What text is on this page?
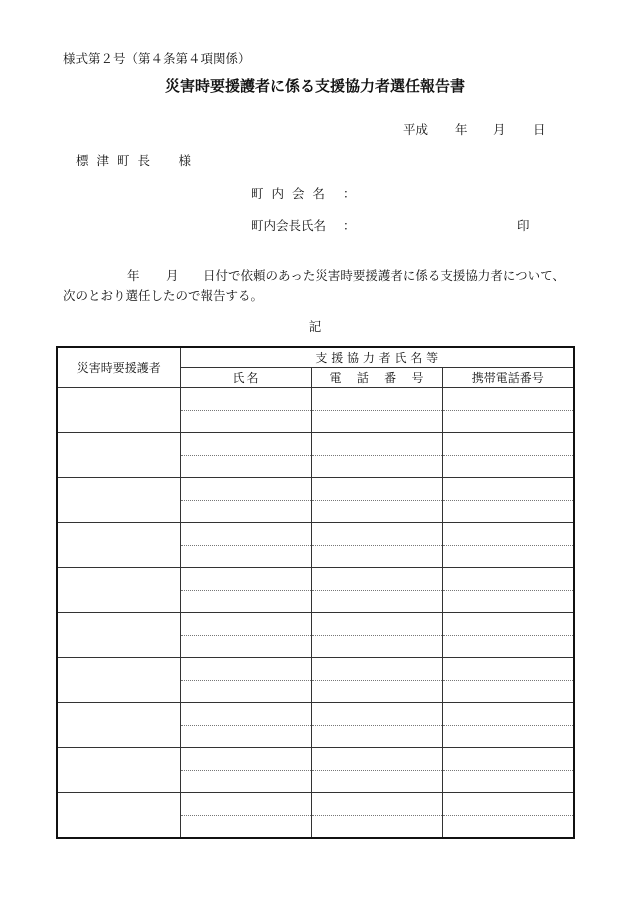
様式第２号（第４条第４項関係）
災害時要援護者に係る支援協力者選任報告書
平成 年 月 日
標津町長　様
町 内 会 名 ：
町内会長氏名 ：	印
年 月 日付で依頼のあった災害時要援護者に係る支援協力者について、
次のとおり選任したので報告する。
記
災害時要援護者	支 援 協 力 者 氏 名 等		

	氏 名	電 話 番 号	携帯電話番号
